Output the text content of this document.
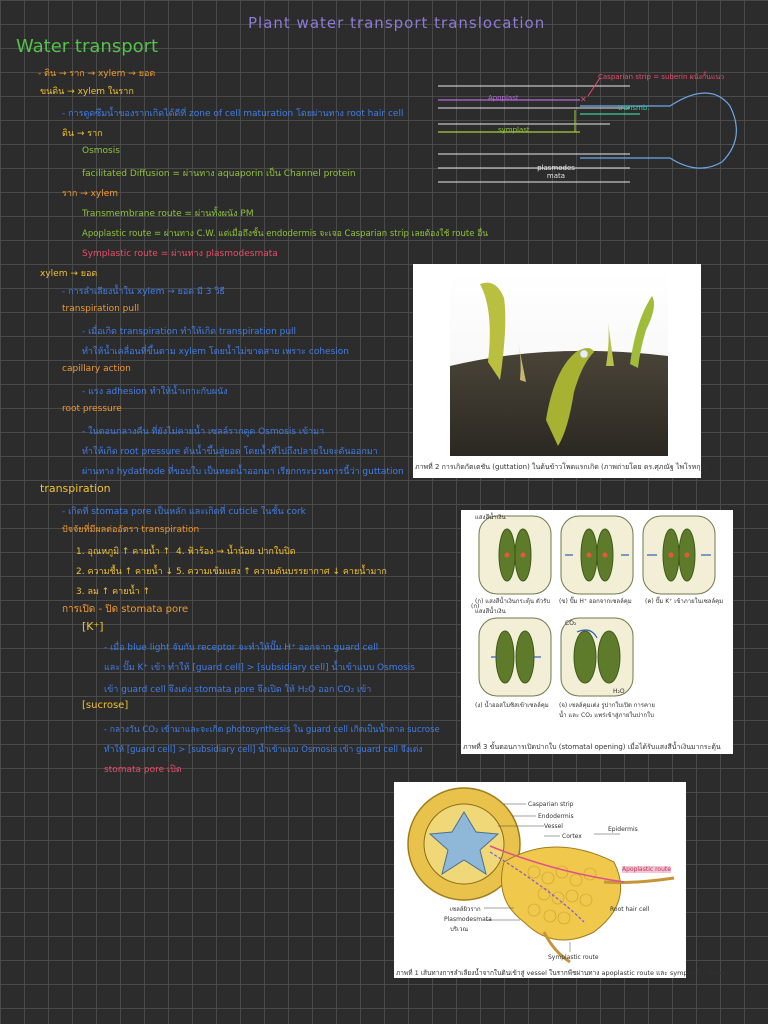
Plant water transport translocation
Water transport
- ดิน → ราก → xylem → ยอด
ขนดิน → xylem ในราก
- การดูดซึมน้ำของรากเกิดได้ดีที่ zone of cell maturation โดยผ่านทาง root hair cell
ดิน → ราก
Osmosis
facilitated Diffusion = ผ่านทาง aquaporin เป็น Channel protein
ราก → xylem
Transmembrane route = ผ่านทั้งผนัง PM
Apoplastic route = ผ่านทาง C.W. แต่เมื่อถึงชั้น endodermis จะเจอ Casparian strip เลยต้องใช้ route อื่น
Symplastic route = ผ่านทาง plasmodesmata
xylem → ยอด
- การลำเลียงน้ำใน xylem → ยอด มี 3 วิธี
transpiration pull
- เมื่อเกิด transpiration ทำให้เกิด transpiration pull
ทำให้น้ำเคลื่อนที่ขึ้นตาม xylem โดยน้ำไม่ขาดสาย เพราะ cohesion
capillary action
- แรง adhesion ทำให้น้ำเกาะกับผนัง
root pressure
- ในตอนกลางคืน ที่ยังไม่คายน้ำ เซลล์รากดูด Osmosis เข้ามา
ทำให้เกิด root pressure ดันน้ำขึ้นสู่ยอด โดยน้ำที่ไปถึงปลายใบจะดันออกมา
ผ่านทาง hydathode ที่ขอบใบ เป็นหยดน้ำออกมา เรียกกระบวนการนี้ว่า guttation
transpiration
- เกิดที่ stomata pore เป็นหลัก และเกิดที่ cuticle ในชั้น cork
ปัจจัยที่มีผลต่ออัตรา transpiration
1. อุณหภูมิ ↑ คายน้ำ ↑
2. ความชื้น ↑ คายน้ำ ↓
3. ลม ↑ คายน้ำ ↑
4. ฟ้าร้อง → น้ำน้อย ปากใบปิด
5. ความเข้มแสง ↑ ความดันบรรยากาศ ↓ คายน้ำมาก
การเปิด - ปิด stomata pore
[K⁺]
- เมื่อ blue light จับกับ receptor จะทำให้ปั๊ม H⁺ ออกจาก guard cell
และ ปั๊ม K⁺ เข้า ทำให้ [guard cell] > [subsidiary cell] น้ำเข้าแบบ Osmosis
เข้า guard cell จึงเต่ง stomata pore จึงเปิด ให้ H₂O ออก CO₂ เข้า
[sucrose]
- กลางวัน CO₂ เข้ามาและจะเกิด photosynthesis ใน guard cell เกิดเป็นน้ำตาล sucrose
ทำให้ [guard cell] > [subsidiary cell] น้ำเข้าแบบ Osmosis เข้า guard cell จึงเต่ง
stomata pore เปิด
✕
Casparian strip = suberin ผนังกั้นแนว
Apoplast
transmb.
symplast
plasmodes mata
ภาพที่ 2 การเกิดกัตเตชัน (guttation) ในต้นข้าวโพดแรกเกิด (ภาพถ่ายโดย ดร.ศุภณัฐ ไพโรหกุล)
(ก)
แสงสีน้ำเงิน
CO₂
H₂O
(ก) แสงสีน้ำเงินกระตุ้น ตัวรับแสงสีน้ำเงิน
(ข) ปั๊ม H⁺ ออกจากเซลล์คุม (ค) ปั๊ม K⁺ เข้าภายในเซลล์คุม
(ง) น้ำออสโมซิสเข้าเซลล์คุม (จ) เซลล์คุมเต่ง รูปากใบเปิด การคายน้ำ และ CO₂ แพร่เข้าสู่ภายในปากใบ
ภาพที่ 3 ขั้นตอนการเปิดปากใบ (stomatal opening) เมื่อได้รับแสงสีน้ำเงินมากระตุ้น
Casparian strip
Endodermis
Vessel
Cortex
Epidermis
Apoplastic route
Root hair cell
เซลล์ผิวราก
Plasmodesmata
บริเวณ
Symplastic route
ภาพที่ 1 เส้นทางการลำเลียงน้ำจากในดินเข้าสู่ vessel ในรากพืชผ่านทาง apoplastic route และ symplastic route
